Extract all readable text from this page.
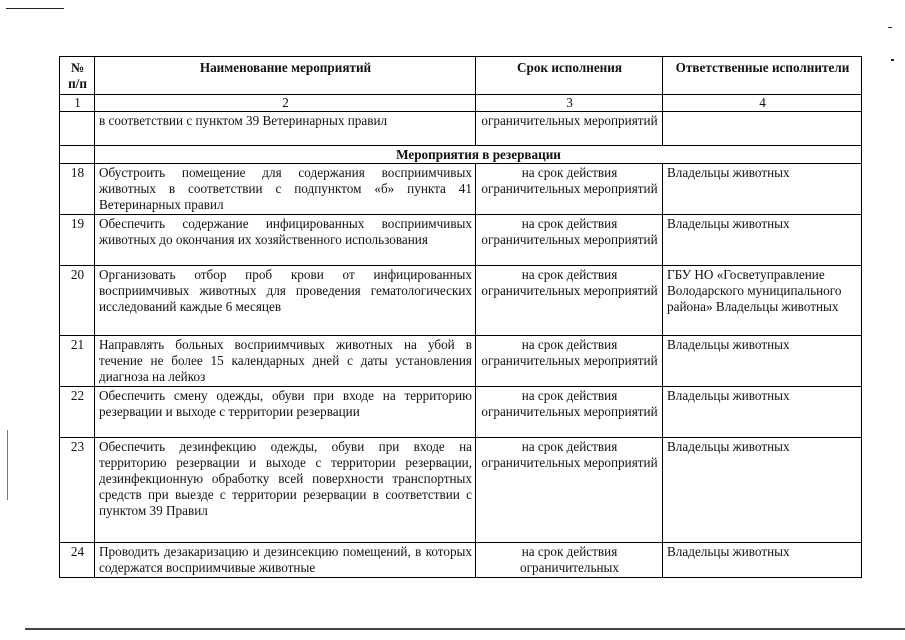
№ п/п	Наименование мероприятий	Срок исполнения	Ответственные исполнители
1	2	3	4
	в соответствии с пунктом 39 Ветеринарных правил	ограничительных мероприятий	
	Мероприятия в резервации		
18	Обустроить помещение для содержания восприимчивых животных в соответствии с подпунктом «б» пункта 41 Ветеринарных правил	на срок действия ограничительных мероприятий	Владельцы животных
19	Обеспечить содержание инфицированных восприимчивых животных до окончания их хозяйственного использования	на срок действия ограничительных мероприятий	Владельцы животных
20	Организовать отбор проб крови от инфицированных восприимчивых животных для проведения гематологических исследований каждые 6 месяцев	на срок действия ограничительных мероприятий	ГБУ НО «Госветуправление Володарского муниципального района» Владельцы животных
21	Направлять больных восприимчивых животных на убой в течение не более 15 календарных дней с даты установления диагноза на лейкоз	на срок действия ограничительных мероприятий	Владельцы животных
22	Обеспечить смену одежды, обуви при входе на территорию резервации и выходе с территории резервации	на срок действия ограничительных мероприятий	Владельцы животных
23	Обеспечить дезинфекцию одежды, обуви при входе на территорию резервации и выходе с территории резервации, дезинфекционную обработку всей поверхности транспортных средств при выезде с территории резервации в соответствии с пунктом 39 Правил	на срок действия ограничительных мероприятий	Владельцы животных
24	Проводить дезакаризацию и дезинсекцию помещений, в которых содержатся восприимчивые животные	на срок действия ограничительных	Владельцы животных
